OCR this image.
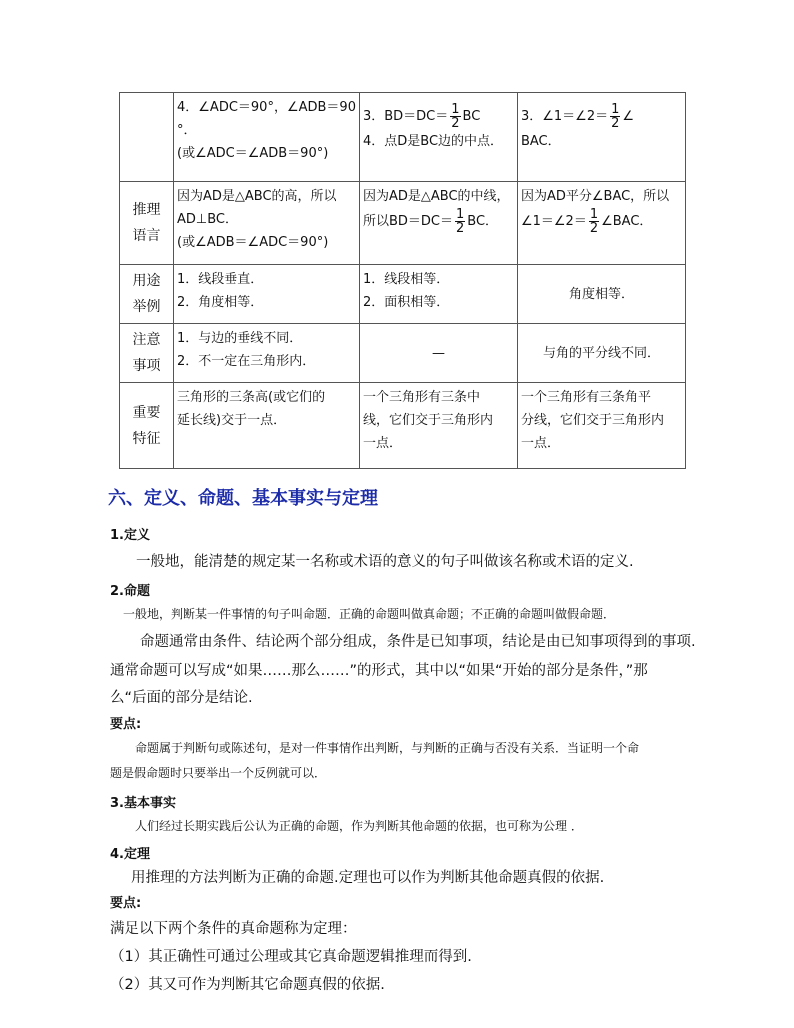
	4．∠ADC＝90°，∠ADB＝90
°．
(或∠ADC＝∠ADB＝90°)	3．$BD=DC= \frac{1}{2}$ BC
4．点D是BC边的中点．	3．∠1＝∠2＝ $\frac{1}{2}$ ∠
BAC．

推理
语言	因为AD是△ABC的高，所以
AD⊥BC．
(或∠ADB＝∠ADC＝90°)	因为AD是△ABC的中线，
所以$BD=DC= \frac{1}{2}$ BC．	因为AD平分∠BAC，所以
∠1＝∠2＝ $\frac{1}{2}$ ∠BAC．

用途
举例	1．线段垂直．
2．角度相等．	1．线段相等．
2．面积相等．	角度相等．

注意
事项	1．与边的垂线不同．
2．不一定在三角形内．	—	与角的平分线不同．

重要
特征	三角形的三条高(或它们的
延长线)交于一点．	一个三角形有三条中
线，它们交于三角形内
一点．	一个三角形有三条角平
分线，它们交于三角形内
一点．
六、定义、命题、基本事实与定理
1.定义
一般地，能清楚的规定某一名称或术语的意义的句子叫做该名称或术语的定义.
2.命题
一般地，判断某一件事情的句子叫命题．正确的命题叫做真命题；不正确的命题叫做假命题．
命题通常由条件、结论两个部分组成，条件是已知事项，结论是由已知事项得到的事项.
通常命题可以写成“如果……那么……”的形式，其中以“如果“开始的部分是条件，”那
么“后面的部分是结论.
要点:
命题属于判断句或陈述句，是对一件事情作出判断，与判断的正确与否没有关系．当证明一个命
题是假命题时只要举出一个反例就可以．
3.基本事实
人们经过长期实践后公认为正确的命题，作为判断其他命题的依据，也可称为公理 ．
4.定理
用推理的方法判断为正确的命题.定理也可以作为判断其他命题真假的依据.
要点:
满足以下两个条件的真命题称为定理：
（1）其正确性可通过公理或其它真命题逻辑推理而得到.
（2）其又可作为判断其它命题真假的依据.
